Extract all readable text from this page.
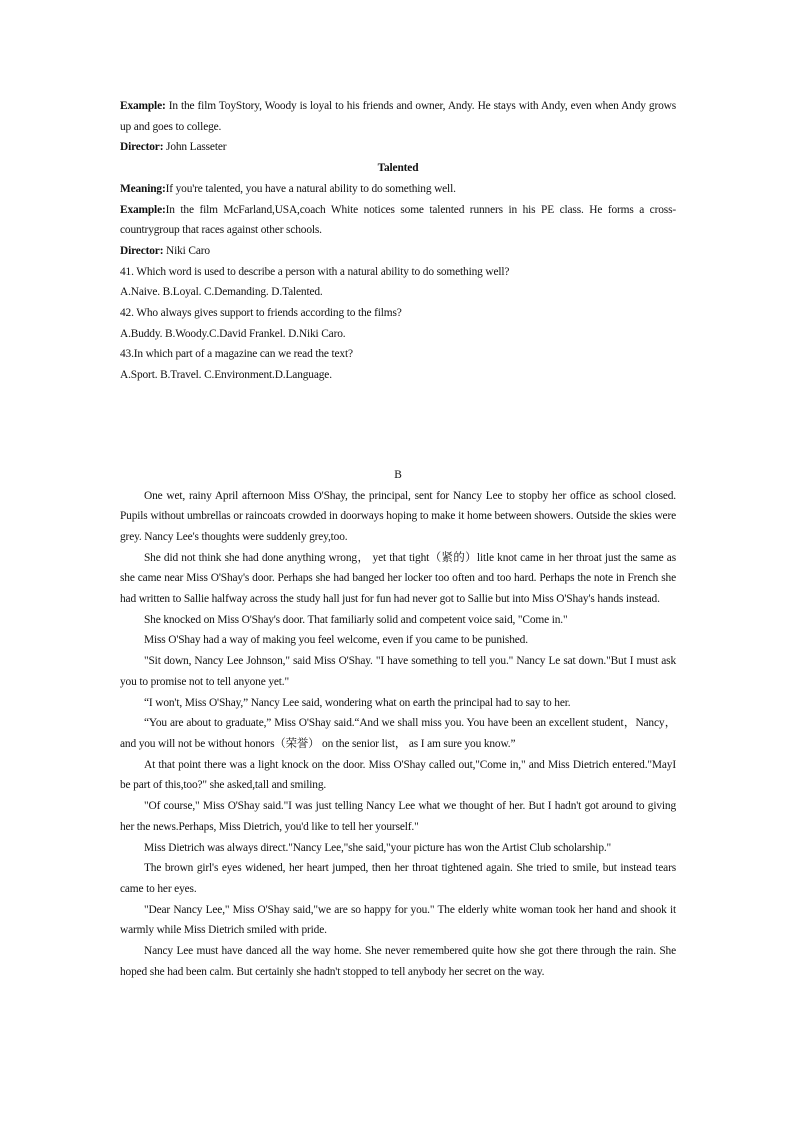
Example: In the film ToyStory, Woody is loyal to his friends and owner, Andy. He stays with Andy, even when Andy grows up and goes to college.

Director: John Lasseter

Talented

Meaning:If you're talented, you have a natural ability to do something well.

Example:In the film McFarland,USA,coach White notices some talented runners in his PE class. He forms a cross-countrygroup that races against other schools.

Director: Niki Caro

41. Which word is used to describe a person with a natural ability to do something well?

A.Naive. B.Loyal. C.Demanding. D.Talented.

42. Who always gives support to friends according to the films?

A.Buddy. B.Woody.C.David Frankel. D.Niki Caro.

43.In which part of a magazine can we read the text?

A.Sport. B.Travel. C.Environment.D.Language.

B

One wet, rainy April afternoon Miss O'Shay, the principal, sent for Nancy Lee to stopby her office as school closed. Pupils without umbrellas or raincoats crowded in doorways hoping to make it home between showers. Outside the skies were grey. Nancy Lee's thoughts were suddenly grey,too.

She did not think she had done anything wrong， yet that tight（紧的）litle knot came in her throat just the same as she came near Miss O'Shay's door. Perhaps she had banged her locker too often and too hard. Perhaps the note in French she had written to Sallie halfway across the study hall just for fun had never got to Sallie but into Miss O'Shay's hands instead.

She knocked on Miss O'Shay's door. That familiarly solid and competent voice said, "Come in."

Miss O'Shay had a way of making you feel welcome, even if you came to be punished.

"Sit down, Nancy Lee Johnson," said Miss O'Shay. "I have something to tell you." Nancy Le sat down."But I must ask you to promise not to tell anyone yet."

“I won't, Miss O'Shay,” Nancy Lee said, wondering what on earth the principal had to say to her.

“You are about to graduate,” Miss O'Shay said.“And we shall miss you. You have been an excellent student，Nancy， and you will not be without honors（荣誉） on the senior list， as I am sure you know.”

At that point there was a light knock on the door. Miss O'Shay called out,"Come in," and Miss Dietrich entered."MayI be part of this,too?" she asked,tall and smiling.

"Of course," Miss O'Shay said."I was just telling Nancy Lee what we thought of her. But I hadn't got around to giving her the news.Perhaps, Miss Dietrich, you'd like to tell her yourself."

Miss Dietrich was always direct."Nancy Lee,"she said,"your picture has won the Artist Club scholarship."

The brown girl's eyes widened, her heart jumped, then her throat tightened again. She tried to smile, but instead tears came to her eyes.

"Dear Nancy Lee," Miss O'Shay said,"we are so happy for you." The elderly white woman took her hand and shook it warmly while Miss Dietrich smiled with pride.

Nancy Lee must have danced all the way home. She never remembered quite how she got there through the rain. She hoped she had been calm. But certainly she hadn't stopped to tell anybody her secret on the way.
